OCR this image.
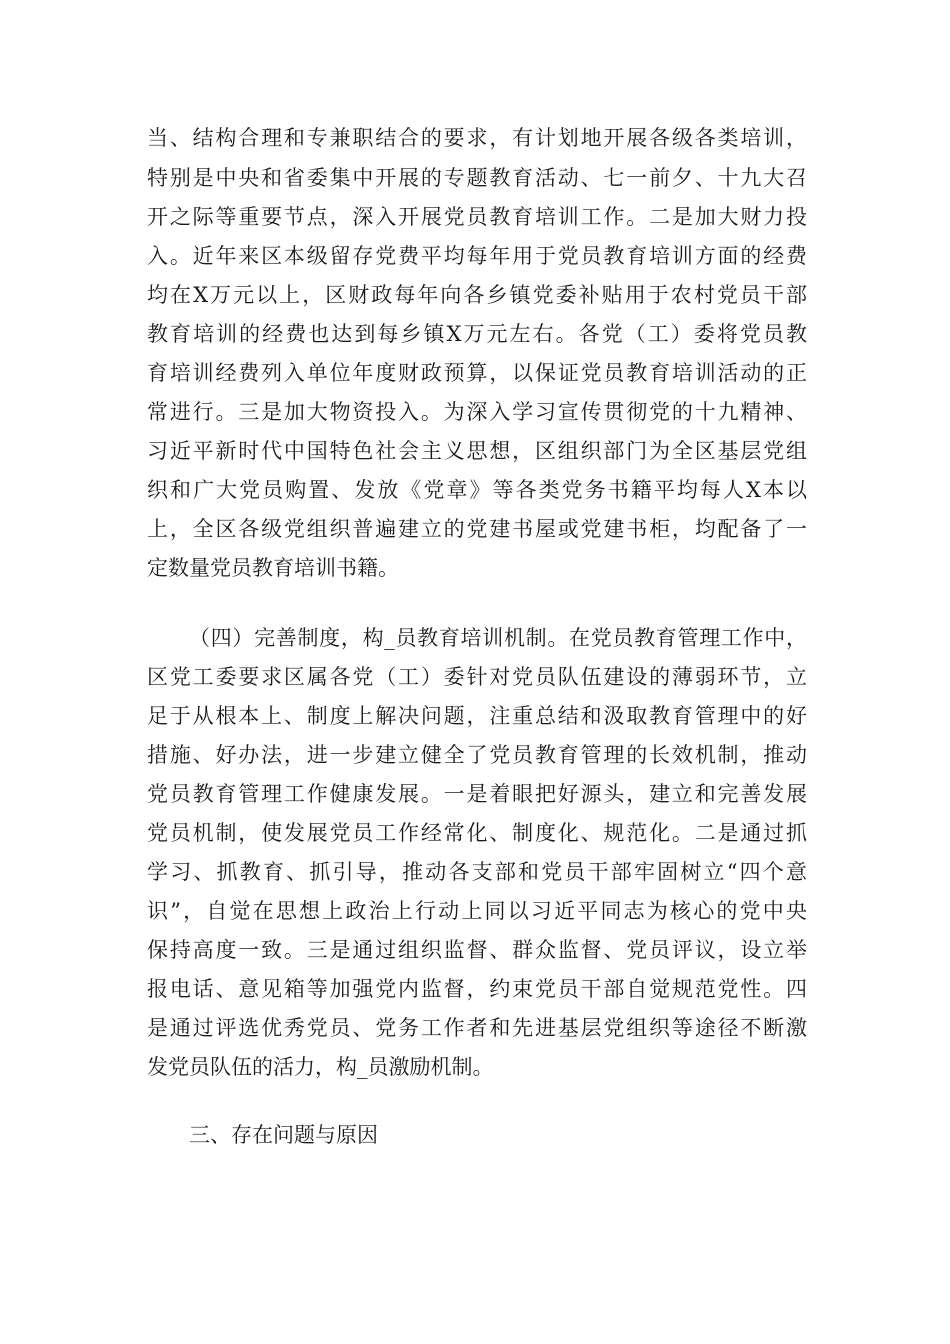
当、结构合理和专兼职结合的要求，有计划地开展各级各类培训，

特别是中央和省委集中开展的专题教育活动、七一前夕、十九大召

开之际等重要节点，深入开展党员教育培训工作。二是加大财力投

入。近年来区本级留存党费平均每年用于党员教育培训方面的经费

均在X万元以上，区财政每年向各乡镇党委补贴用于农村党员干部

教育培训的经费也达到每乡镇X万元左右。各党（工）委将党员教

育培训经费列入单位年度财政预算，以保证党员教育培训活动的正

常进行。三是加大物资投入。为深入学习宣传贯彻党的十九精神、

习近平新时代中国特色社会主义思想，区组织部门为全区基层党组

织和广大党员购置、发放《党章》等各类党务书籍平均每人X本以

上，全区各级党组织普遍建立的党建书屋或党建书柜，均配备了一

定数量党员教育培训书籍。

（四）完善制度，构_员教育培训机制。在党员教育管理工作中，

区党工委要求区属各党（工）委针对党员队伍建设的薄弱环节，立

足于从根本上、制度上解决问题，注重总结和汲取教育管理中的好

措施、好办法，进一步建立健全了党员教育管理的长效机制，推动

党员教育管理工作健康发展。一是着眼把好源头，建立和完善发展

党员机制，使发展党员工作经常化、制度化、规范化。二是通过抓

学习、抓教育、抓引导，推动各支部和党员干部牢固树立“四个意

识”，自觉在思想上政治上行动上同以习近平同志为核心的党中央

保持高度一致。三是通过组织监督、群众监督、党员评议，设立举

报电话、意见箱等加强党内监督，约束党员干部自觉规范党性。四

是通过评选优秀党员、党务工作者和先进基层党组织等途径不断激

发党员队伍的活力，构_员激励机制。

三、存在问题与原因
